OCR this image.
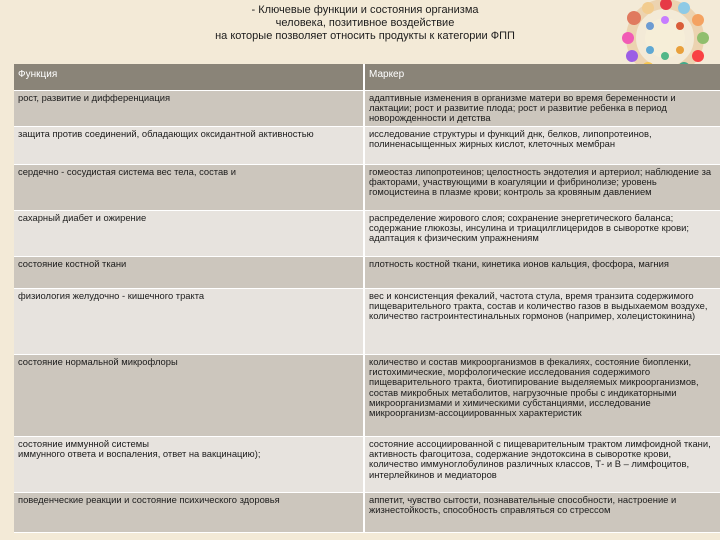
- Ключевые функции и состояния организма
человека, позитивное воздействие
на которые позволяет относить продукты к категории ФПП
Функция	Маркер
рост, развитие и дифференциация	адаптивные изменения в организме матери во время беременности и лактации; рост и развитие плода; рост и развитие ребенка в период новорожденности и детства
защита против соединений, обладающих оксидантной активностью	исследование структуры и функций днк, белков, липопротеинов, полиненасыщенных жирных кислот, клеточных мембран
сердечно - сосудистая система вес тела, состав и	гомеостаз липопротеинов; целостность эндотелия и артериол; наблюдение за факторами, участвующими в коагуляции и фибринолизе; уровень гомоцистеина в плазме крови; контроль за кровяным давлением
сахарный диабет и ожирение	распределение жирового слоя; сохранение энергетического баланса; содержание глюкозы, инсулина и триацилглицеридов в сыворотке крови; адаптация к физическим упражнениям
состояние костной ткани	плотность костной ткани, кинетика ионов кальция, фосфора, магния
физиология желудочно - кишечного тракта	вес и консистенция фекалий, частота стула, время транзита содержимого пищеварительного тракта, состав и количество газов в выдыхаемом воздухе, количество гастроинтестинальных гормонов (например, холецистокинина)
состояние нормальной микрофлоры	количество и состав микроорганизмов в фекалиях, состояние биопленки, гистохимические, морфологические исследования содержимого пищеварительного тракта, биотипирование выделяемых микроорганизмов, состав микробных метаболитов, нагрузочные пробы с индикаторными микроорганизмами и химическими субстанциями, исследование микроорганизм-ассоциированных характеристик

состояние иммунной системы
иммунного ответа и воспаления, ответ на вакцинацию);	состояние ассоциированной с пищеварительным трактом лимфоидной ткани, активность фагоцитоза, содержание эндотоксина в сыворотке крови, количество иммуноглобулинов различных классов, Т- и В – лимфоцитов, интерлейкинов и медиаторов
поведенческие реакции и состояние психического здоровья	аппетит, чувство сытости, познавательные способности, настроение и жизнестойкость, способность справляться со стрессом
